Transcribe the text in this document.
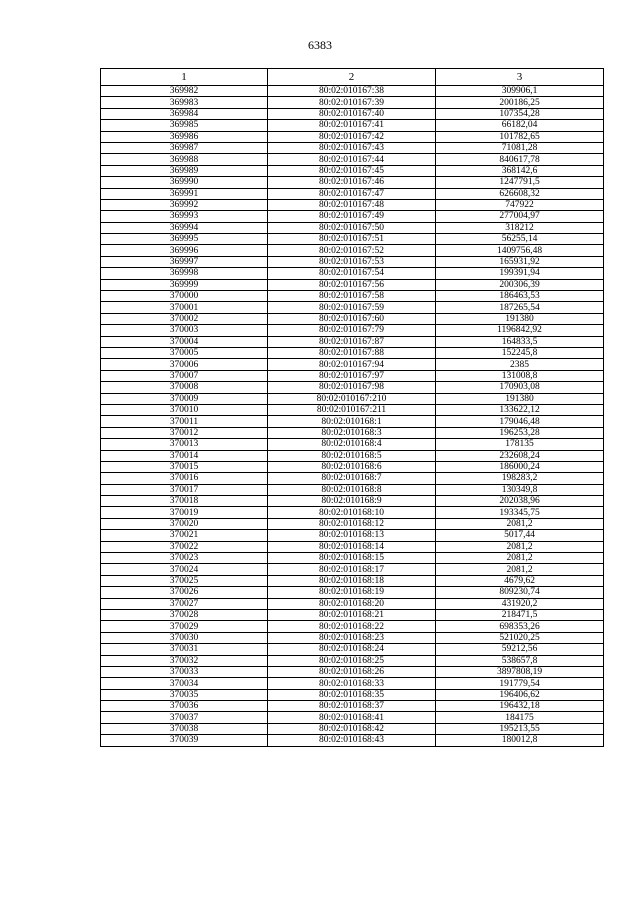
6383
1	2	3
369982	80:02:010167:38	309906,1
369983	80:02:010167:39	200186,25
369984	80:02:010167:40	107354,28
369985	80:02:010167:41	66182,04
369986	80:02:010167:42	101782,65
369987	80:02:010167:43	71081,28
369988	80:02:010167:44	840617,78
369989	80:02:010167:45	368142,6
369990	80:02:010167:46	1247791,5
369991	80:02:010167:47	626608,32
369992	80:02:010167:48	747922
369993	80:02:010167:49	277004,97
369994	80:02:010167:50	318212
369995	80:02:010167:51	56255,14
369996	80:02:010167:52	1409756,48
369997	80:02:010167:53	165931,92
369998	80:02:010167:54	199391,94
369999	80:02:010167:56	200306,39
370000	80:02:010167:58	186463,53
370001	80:02:010167:59	187265,54
370002	80:02:010167:60	191380
370003	80:02:010167:79	1196842,92
370004	80:02:010167:87	164833,5
370005	80:02:010167:88	152245,8
370006	80:02:010167:94	2385
370007	80:02:010167:97	131008,8
370008	80:02:010167:98	170903,08
370009	80:02:010167:210	191380
370010	80:02:010167:211	133622,12
370011	80:02:010168:1	179046,48
370012	80:02:010168:3	196253,28
370013	80:02:010168:4	178135
370014	80:02:010168:5	232608,24
370015	80:02:010168:6	186000,24
370016	80:02:010168:7	198283,2
370017	80:02:010168:8	130349,8
370018	80:02:010168:9	202038,96
370019	80:02:010168:10	193345,75
370020	80:02:010168:12	2081,2
370021	80:02:010168:13	5017,44
370022	80:02:010168:14	2081,2
370023	80:02:010168:15	2081,2
370024	80:02:010168:17	2081,2
370025	80:02:010168:18	4679,62
370026	80:02:010168:19	809230,74
370027	80:02:010168:20	431920,2
370028	80:02:010168:21	218471,5
370029	80:02:010168:22	698353,26
370030	80:02:010168:23	521020,25
370031	80:02:010168:24	59212,56
370032	80:02:010168:25	538657,8
370033	80:02:010168:26	3897808,19
370034	80:02:010168:33	191779,54
370035	80:02:010168:35	196406,62
370036	80:02:010168:37	196432,18
370037	80:02:010168:41	184175
370038	80:02:010168:42	195213,55
370039	80:02:010168:43	180012,8
